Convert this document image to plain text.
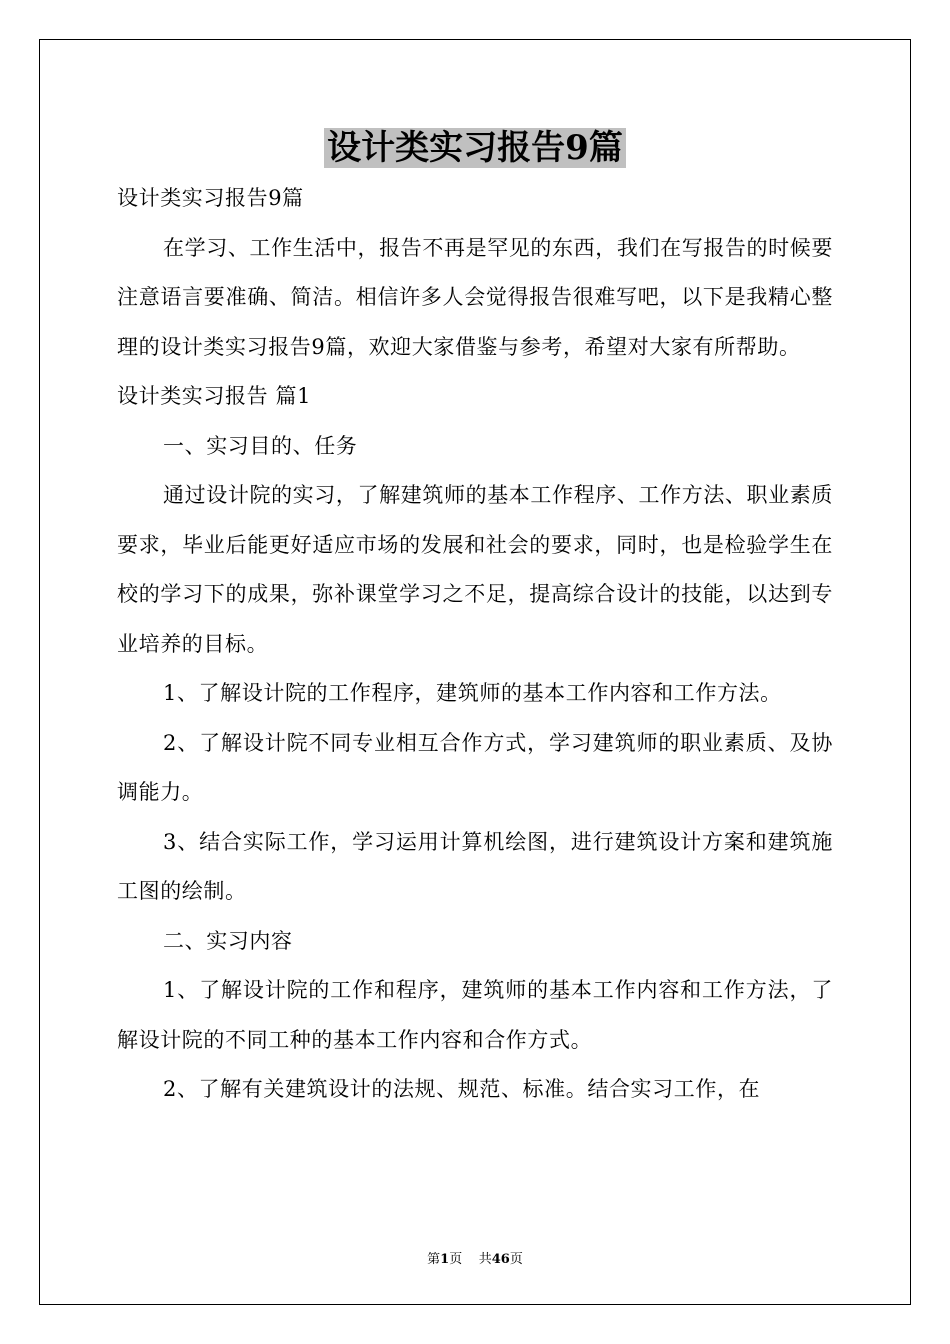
设计类实习报告9篇

设计类实习报告9篇

在学习、工作生活中，报告不再是罕见的东西，我们在写报告的时候要注意语言要准确、简洁。相信许多人会觉得报告很难写吧，以下是我精心整理的设计类实习报告9篇，欢迎大家借鉴与参考，希望对大家有所帮助。

设计类实习报告 篇1

一、实习目的、任务

通过设计院的实习，了解建筑师的基本工作程序、工作方法、职业素质要求，毕业后能更好适应市场的发展和社会的要求，同时，也是检验学生在校的学习下的成果，弥补课堂学习之不足，提高综合设计的技能，以达到专业培养的目标。

1、了解设计院的工作程序，建筑师的基本工作内容和工作方法。

2、了解设计院不同专业相互合作方式，学习建筑师的职业素质、及协调能力。

3、结合实际工作，学习运用计算机绘图，进行建筑设计方案和建筑施工图的绘制。

二、实习内容

1、了解设计院的工作和程序，建筑师的基本工作内容和工作方法，了解设计院的不同工种的基本工作内容和合作方式。

2、了解有关建筑设计的法规、规范、标准。结合实习工作，在

第1页 共46页
